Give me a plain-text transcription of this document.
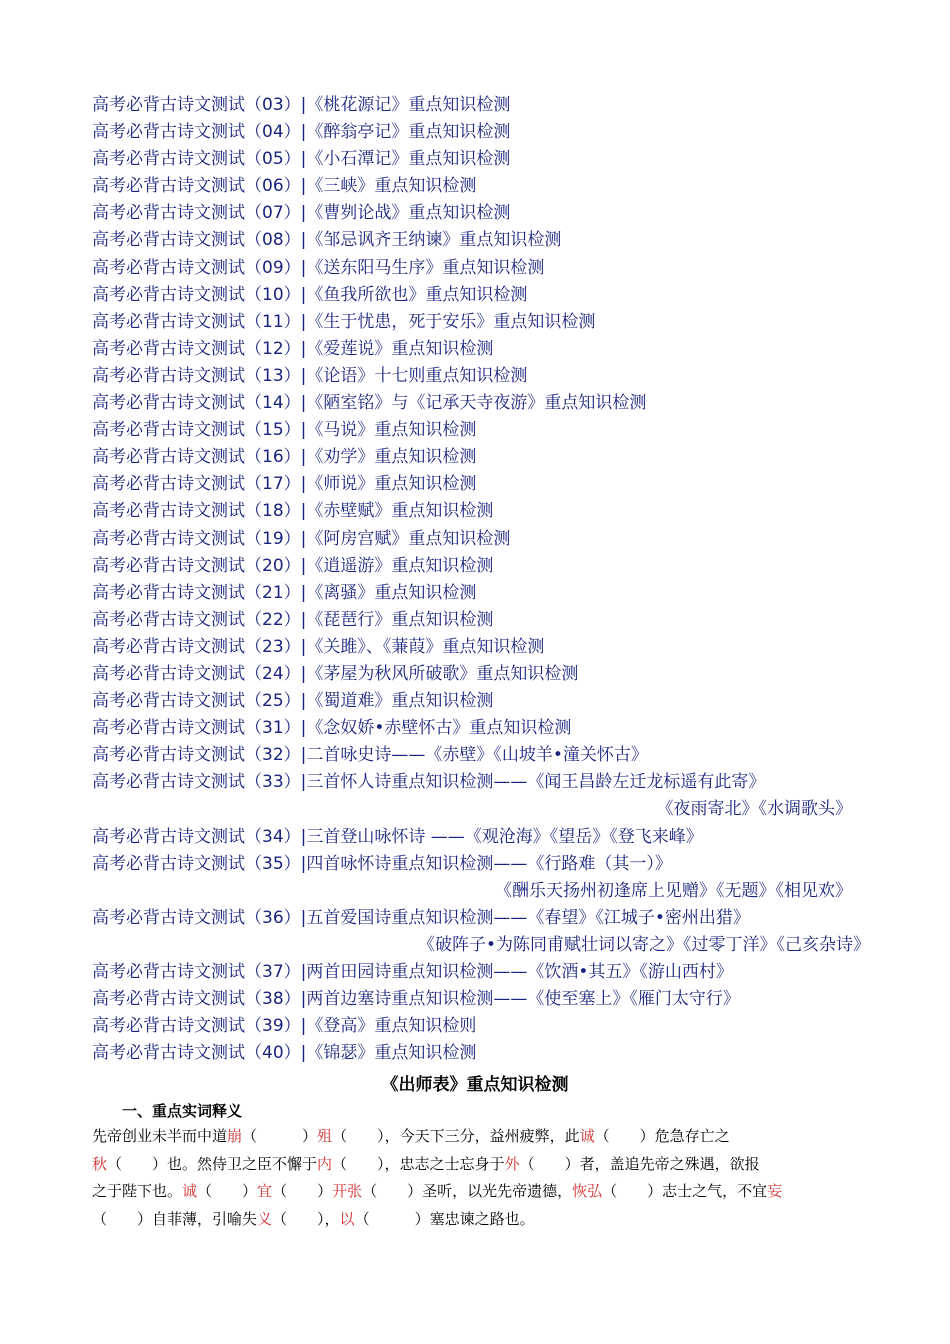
高考必背古诗文测试（03）|《桃花源记》重点知识检测
高考必背古诗文测试（04）|《醉翁亭记》重点知识检测
高考必背古诗文测试（05）|《小石潭记》重点知识检测
高考必背古诗文测试（06）|《三峡》重点知识检测
高考必背古诗文测试（07）|《曹刿论战》重点知识检测
高考必背古诗文测试（08）|《邹忌讽齐王纳谏》重点知识检测
高考必背古诗文测试（09）|《送东阳马生序》重点知识检测
高考必背古诗文测试（10）|《鱼我所欲也》重点知识检测
高考必背古诗文测试（11）|《生于忧患，死于安乐》重点知识检测
高考必背古诗文测试（12）|《爱莲说》重点知识检测
高考必背古诗文测试（13）|《论语》十七则重点知识检测
高考必背古诗文测试（14）|《陋室铭》与《记承天寺夜游》重点知识检测
高考必背古诗文测试（15）|《马说》重点知识检测
高考必背古诗文测试（16）|《劝学》重点知识检测
高考必背古诗文测试（17）|《师说》重点知识检测
高考必背古诗文测试（18）|《赤壁赋》重点知识检测
高考必背古诗文测试（19）|《阿房宫赋》重点知识检测
高考必背古诗文测试（20）|《逍遥游》重点知识检测
高考必背古诗文测试（21）|《离骚》重点知识检测
高考必背古诗文测试（22）|《琵琶行》重点知识检测
高考必背古诗文测试（23）|《关雎》、《蒹葭》重点知识检测
高考必背古诗文测试（24）|《茅屋为秋风所破歌》重点知识检测
高考必背古诗文测试（25）|《蜀道难》重点知识检测
高考必背古诗文测试（31）|《念奴娇•赤壁怀古》重点知识检测
高考必背古诗文测试（32）|二首咏史诗——《赤壁》《山坡羊•潼关怀古》
高考必背古诗文测试（33）|三首怀人诗重点知识检测——《闻王昌龄左迁龙标遥有此寄》
《夜雨寄北》《水调歌头》
高考必背古诗文测试（34）|三首登山咏怀诗 ——《观沧海》《望岳》《登飞来峰》
高考必背古诗文测试（35）|四首咏怀诗重点知识检测——《行路难（其一）》
《酬乐天扬州初逢席上见赠》《无题》《相见欢》
高考必背古诗文测试（36）|五首爱国诗重点知识检测——《春望》《江城子•密州出猎》
《破阵子•为陈同甫赋壮词以寄之》《过零丁洋》《己亥杂诗》
高考必背古诗文测试（37）|两首田园诗重点知识检测——《饮酒•其五》《游山西村》
高考必背古诗文测试（38）|两首边塞诗重点知识检测——《使至塞上》《雁门太守行》
高考必背古诗文测试（39）|《登高》重点知识检则
高考必背古诗文测试（40）|《锦瑟》重点知识检测
《出师表》重点知识检测
一、重点实词释义
先帝创业未半而中道崩（　　　）殂（　　），今天下三分，益州疲弊，此诚（　　）危急存亡之
秋（　　）也。然侍卫之臣不懈于内（　　），忠志之士忘身于外（　　）者，盖追先帝之殊遇，欲报
之于陛下也。诚（　　）宜（　　）开张（　　）圣听，以光先帝遗德，恢弘（　　）志士之气，不宜妄
（　　）自菲薄，引喻失义（　　），以（　　　）塞忠谏之路也。
